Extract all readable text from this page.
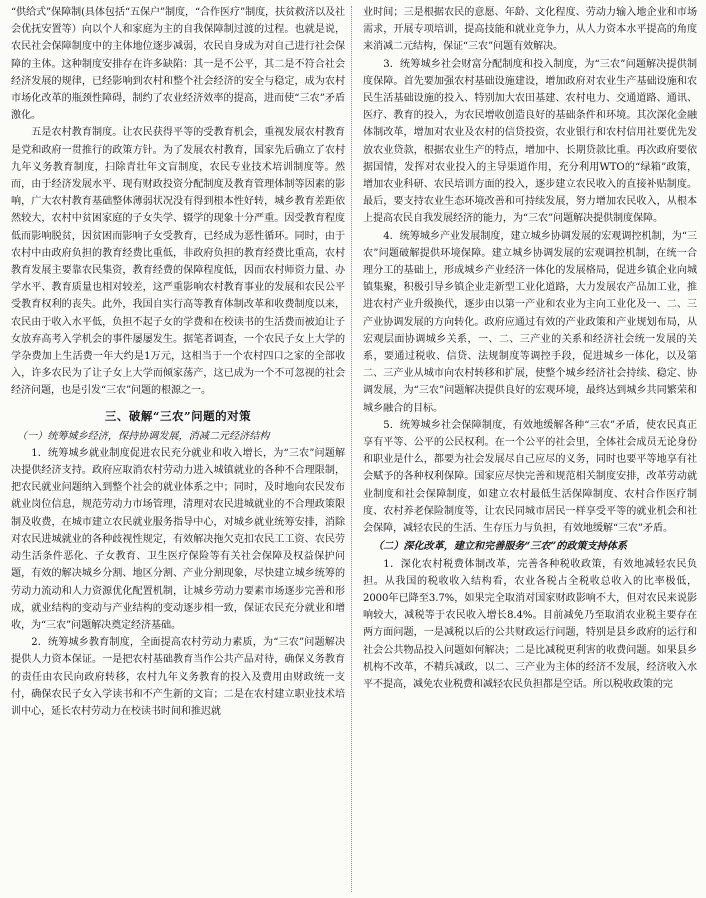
“供给式”保障制(具体包括“五保户”制度，“合作医疗”制度，扶贫救济以及社会优抚安置等）向以个人和家庭为主的自我保障制过渡的过程。也就是说，农民社会保障制度中的主体地位逐步减弱，农民自身成为对自己进行社会保障的主体。这种制度安排存在许多缺陷：其一是不公平，其二是不符合社会经济发展的规律，已经影响到农村和整个社会经济的安全与稳定，成为农村市场化改革的瓶颈性障碍，制约了农业经济效率的提高，进而使“三农”矛盾激化。

五是农村教育制度。让农民获得平等的受教育机会，重视发展农村教育是党和政府一贯推行的政策方针。为了发展农村教育，国家先后确立了农村九年义务教育制度，扫除青壮年文盲制度，农民专业技术培训制度等。然而，由于经济发展水平、现有财政投资分配制度及教育管理体制等因素的影响，广大农村教育基础整体薄弱状况没有得到根本性好转，城乡教育差距依然较大，农村中贫困家庭的子女失学、辍学的现象十分严重。因受教育程度低而影响脱贫，因贫困而影响子女受教育，已经成为恶性循环。同时，由于农村中由政府负担的教育经费比重低，非政府负担的教育经费比重高，农村教育发展主要靠农民集资，教育经费的保障程度低，因而农村师资力量、办学水平、教育质量也相对较差，这严重影响农村教育事业的发展和农民公平受教育权利的丧失。此外，我国自实行高等教育体制改革和收费制度以来，农民由于收入水平低，负担不起子女的学费和在校读书的生活费而被迫让子女放弃高考入学机会的事件屡屡发生。据笔者调查，一个农民子女上大学的学杂费加上生活费一年大约是1万元，这相当于一个农村四口之家的全部收入，许多农民为了让子女上大学而倾家荡产，这已成为一个不可忽视的社会经济问题，也是引发“三农”问题的根源之一。

三、破解“三农”问题的对策
（一）统筹城乡经济，保持协调发展，消减二元经济结构

1．统筹城乡就业制度促进农民充分就业和收入增长，为“三农”问题解决提供经济支持。政府应取消农村劳动力进入城镇就业的各种不合理限制，把农民就业问题纳入到整个社会的就业体系之中；同时，及时地向农民发布就业岗位信息，规范劳动力市场管理，清理对农民进城就业的不合理政策限制及收费，在城市建立农民就业服务指导中心，对城乡就业统筹安排，消除对农民进城就业的各种歧视性规定，有效解决拖欠克扣农民工工资、农民劳动生活条件恶化、子女教育、卫生医疗保险等有关社会保障及权益保护问题，有效的解决城乡分割、地区分割、产业分割现象，尽快建立城乡统筹的劳动力流动和人力资源优化配置机制，让城乡劳动力要素市场逐步完善和形成，就业结构的变动与产业结构的变动逐步相一致，保证农民充分就业和增收，为“三农”问题解决奠定经济基础。

2．统筹城乡教育制度，全面提高农村劳动力素质，为“三农”问题解决提供人力资本保证。一是把农村基础教育当作公共产品对待，确保义务教育的责任由农民向政府转移，农村九年义务教育的投入及费用由财政统一支付，确保农民子女入学读书和不产生新的文盲；二是在农村建立职业技术培训中心，延长农村劳动力在校读书时间和推迟就

业时间；三是根据农民的意愿、年龄、文化程度、劳动力输入地企业和市场需求，开展专项培训，提高技能和就业竞争力，从人力资本水平提高的角度来消减二元结构，保证“三农”问题有效解决。

3．统筹城乡社会财富分配制度和投入制度，为“三农”问题解决提供制度保障。首先要加强农村基础设施建设，增加政府对农业生产基础设施和农民生活基础设施的投入、特别加大农田基建、农村电力、交通道路、通讯、医疗、教育的投入，为农民增收创造良好的基础条件和环境。其次深化金融体制改革，增加对农业及农村的信贷投资，农业银行和农村信用社要优先发放农业贷款，根据农业生产的特点，增加中、长期贷款比重。再次政府要依据国情，发挥对农业投入的主导渠道作用，充分利用WTO的“绿箱”政策，增加农业科研、农民培训方面的投入，逐步建立农民收入的直接补贴制度。最后，要支持农业生态环境改善和可持续发展，努力增加农民收入，从根本上提高农民自我发展经济的能力，为“三农”问题解决提供制度保障。

4．统筹城乡产业发展制度，建立城乡协调发展的宏观调控机制，为“三农”问题破解提供环境保障。建立城乡协调发展的宏观调控机制，在统一合理分工的基础上，形成城乡产业经济一体化的发展格局，促进乡镇企业向城镇集聚，积极引导乡镇企业走新型工业化道路，大力发展农产品加工业，推进农村产业升级换代，逐步由以第一产业和农业为主向工业化及一、二、三产业协调发展的方向转化。政府应通过有效的产业政策和产业规划布局，从宏观层面协调城乡关系，一、二、三产业的关系和经济社会统一发展的关系，要通过税收、信贷、法规制度等调控手段，促进城乡一体化，以及第二、三产业从城市向农村转移和扩展，使整个城乡经济社会持续、稳定、协调发展，为“三农”问题解决提供良好的宏观环境，最终达到城乡共同繁荣和城乡融合的目标。

5．统筹城乡社会保障制度，有效地缓解各种“三农”矛盾，使农民真正享有平等、公平的公民权利。在一个公平的社会里，全体社会成员无论身份和职业是什么，都要为社会发展尽自己应尽的义务，同时也要平等地享有社会赋予的各种权利保障。国家应尽快完善和规范相关制度安排，改革劳动就业制度和社会保障制度，如建立农村最低生活保障制度、农村合作医疗制度、农村养老保险制度等，让农民同城市居民一样享受平等的就业机会和社会保障，减轻农民的生活、生存压力与负担，有效地缓解“三农”矛盾。

（二）深化改革，建立和完善服务“三农”的政策支持体系

1．深化农村税费体制改革，完善各种税收政策，有效地减轻农民负担。从我国的税收收入结构看，农业各税占全税收总收入的比率极低，2000年已降至3.7%，如果完全取消对国家财政影响不大，但对农民来说影响较大，减税等于农民收入增长8.4%。目前减免乃至取消农业税主要存在两方面问题，一是减税以后的公共财政运行问题，特别是县乡政府的运行和社会公共物品投入问题如何解决；二是比减税更利害的收费问题。如果县乡机构不改革，不精兵减政，以二、三产业为主体的经济不发展，经济收入水平不提高，减免农业税费和减轻农民负担都是空话。所以税收政策的完
